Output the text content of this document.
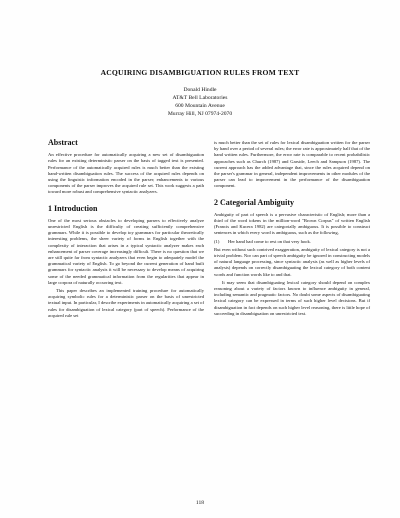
ACQUIRING DISAMBIGUATION RULES FROM TEXT
Donald Hindle
AT&T Bell Laboratories
600 Mountain Avenue
Murray Hill, NJ 07974-2070
Abstract

An effective procedure for automatically acquiring a new set of disambiguation rules for an existing deterministic parser on the basis of tagged text is presented. Performance of the automatically acquired rules is much better than the existing hand-written disambiguation rules. The success of the acquired rules depends on using the linguistic information encoded in the parser; enhancements to various components of the parser improves the acquired rule set. This work suggests a path toward more robust and comprehensive syntactic analyzers.

1 Introduction

One of the most serious obstacles to developing parsers to effectively analyze unrestricted English is the difficulty of creating sufficiently comprehensive grammars. While it is possible to develop toy grammars for particular theoretically interesting problems, the sheer variety of forms in English together with the complexity of interaction that arises in a typical syntactic analyzer makes each enhancement of parser coverage increasingly difficult. There is no question that we are still quite far from syntactic analyzers that even begin to adequately model the grammatical variety of English. To go beyond the current generation of hand built grammars for syntactic analysis it will be necessary to develop means of acquiring some of the needed grammatical information from the regularities that appear in large corpora of naturally occurring text.

This paper describes an implemented training procedure for automatically acquiring symbolic rules for a deterministic parser on the basis of unrestricted textual input. In particular, I describe experiments in automatically acquiring a set of rules for disambiguation of lexical category (part of speech). Performance of the acquired rule set

is much better than the set of rules for lexical disambiguation written for the parser by hand over a period of several rules; the error rate is approximately half that of the hand written rules. Furthermore, the error rate is comparable to recent probabilistic approaches such as Church (1987) and Garside, Leech and Sampson (1987). The current approach has the added advantage that, since the rules acquired depend on the parser's grammar in general, independent improvements in other modules of the parser can lead to improvement in the performance of the disambiguation component.

2 Categorial Ambiguity

Ambiguity of part of speech is a pervasive characteristic of English; more than a third of the word tokens in the million-word "Brown Corpus" of written English (Francis and Kucera 1982) are categorially ambiguous. It is possible to construct sentences in which every word is ambiguous, such as the following,

(1)	Her hand had come to rest on that very hook.

But even without such contrived exaggeration, ambiguity of lexical category is not a trivial problem. Nor can part of speech ambiguity be ignored in constructing models of natural language processing, since syntactic analysis (as well as higher levels of analysis) depends on correctly disambiguating the lexical category of both content words and function words like to and that.

It may seem that disambiguating lexical category should depend on complex reasoning about a variety of factors known to influence ambiguity in general, including semantic and pragmatic factors. No doubt some aspects of disambiguating lexical category can be expressed in terms of such higher level decisions. But if disambiguation in fact depends on such higher level reasoning, there is little hope of succeeding in disambiguation on unrestricted text.

118
